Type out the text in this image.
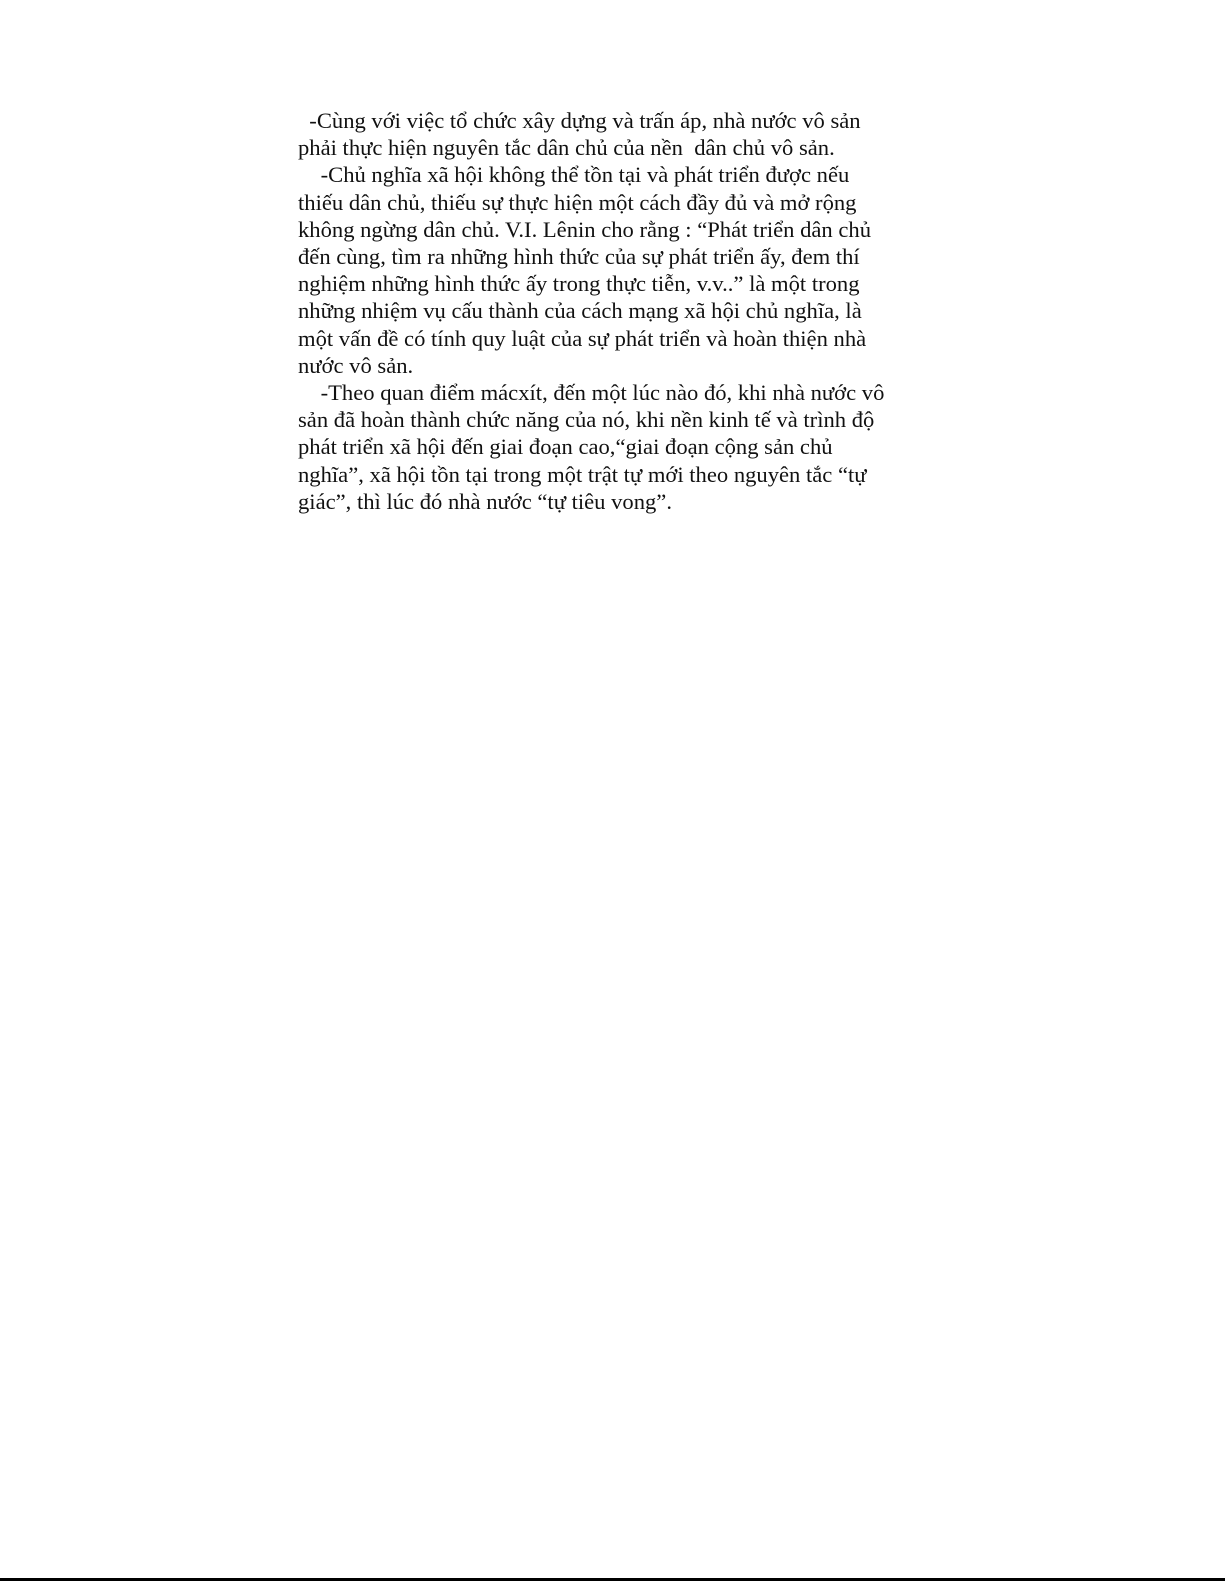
-Cùng với việc tổ chức xây dựng và trấn áp, nhà nước vô sản
phải thực hiện nguyên tắc dân chủ của nền  dân chủ vô sản.
-Chủ nghĩa xã hội không thể tồn tại và phát triển được nếu
thiếu dân chủ, thiếu sự thực hiện một cách đầy đủ và mở rộng
không ngừng dân chủ. V.I. Lênin cho rằng : “Phát triển dân chủ
đến cùng, tìm ra những hình thức của sự phát triển ấy, đem thí
nghiệm những hình thức ấy trong thực tiễn, v.v..” là một trong
những nhiệm vụ cấu thành của cách mạng xã hội chủ nghĩa, là
một vấn đề có tính quy luật của sự phát triển và hoàn thiện nhà
nước vô sản.
-Theo quan điểm mácxít, đến một lúc nào đó, khi nhà nước vô
sản đã hoàn thành chức năng của nó, khi nền kinh tế và trình độ
phát triển xã hội đến giai đoạn cao,“giai đoạn cộng sản chủ
nghĩa”, xã hội tồn tại trong một trật tự mới theo nguyên tắc “tự
giác”, thì lúc đó nhà nước “tự tiêu vong”.
